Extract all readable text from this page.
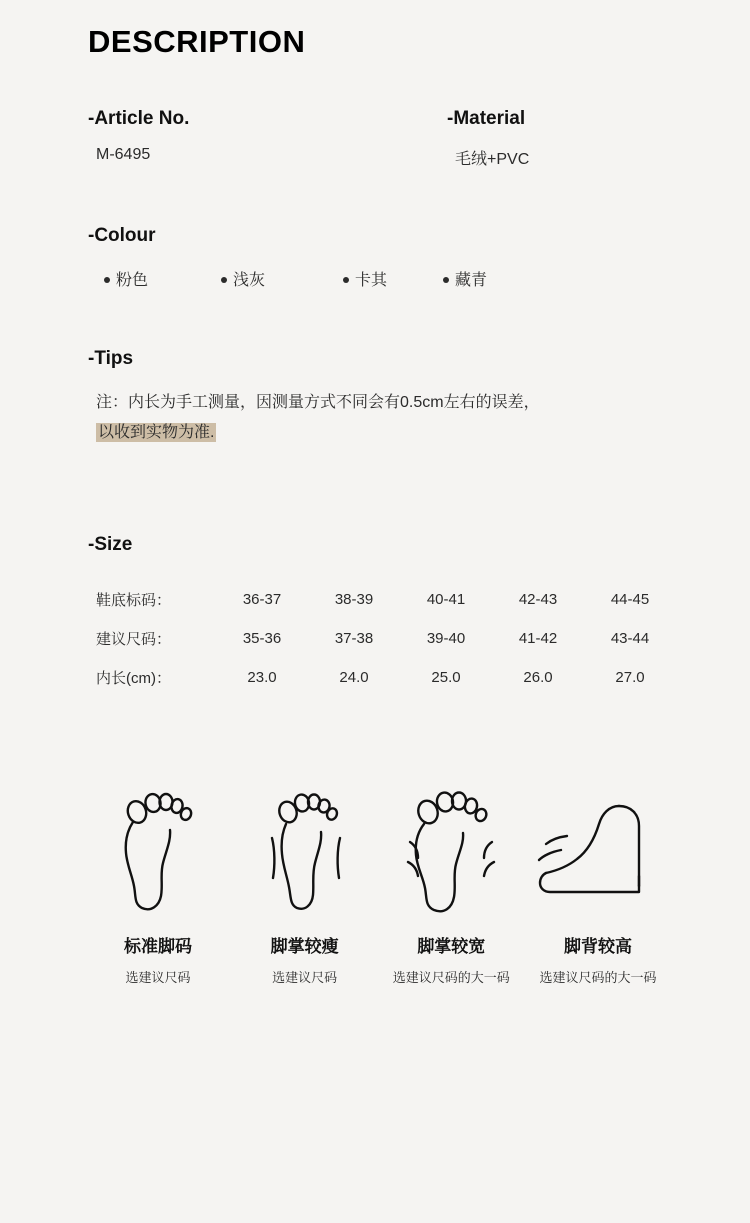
DESCRIPTION
-Article No.
M-6495
-Material
毛绒+PVC
-Colour
粉色	浅灰	卡其	藏青
-Tips
注：内长为手工测量，因测量方式不同会有0.5cm左右的误差，
以收到实物为准.
-Size
鞋底标码：	36-37	38-39	40-41	42-43	44-45
建议尺码：	35-36	37-38	39-40	41-42	43-44
内长(cm)：	23.0	24.0	25.0	26.0	27.0
标准脚码
选建议尺码
脚掌较瘦
选建议尺码
脚掌较宽
选建议尺码的大一码
脚背较高
选建议尺码的大一码
